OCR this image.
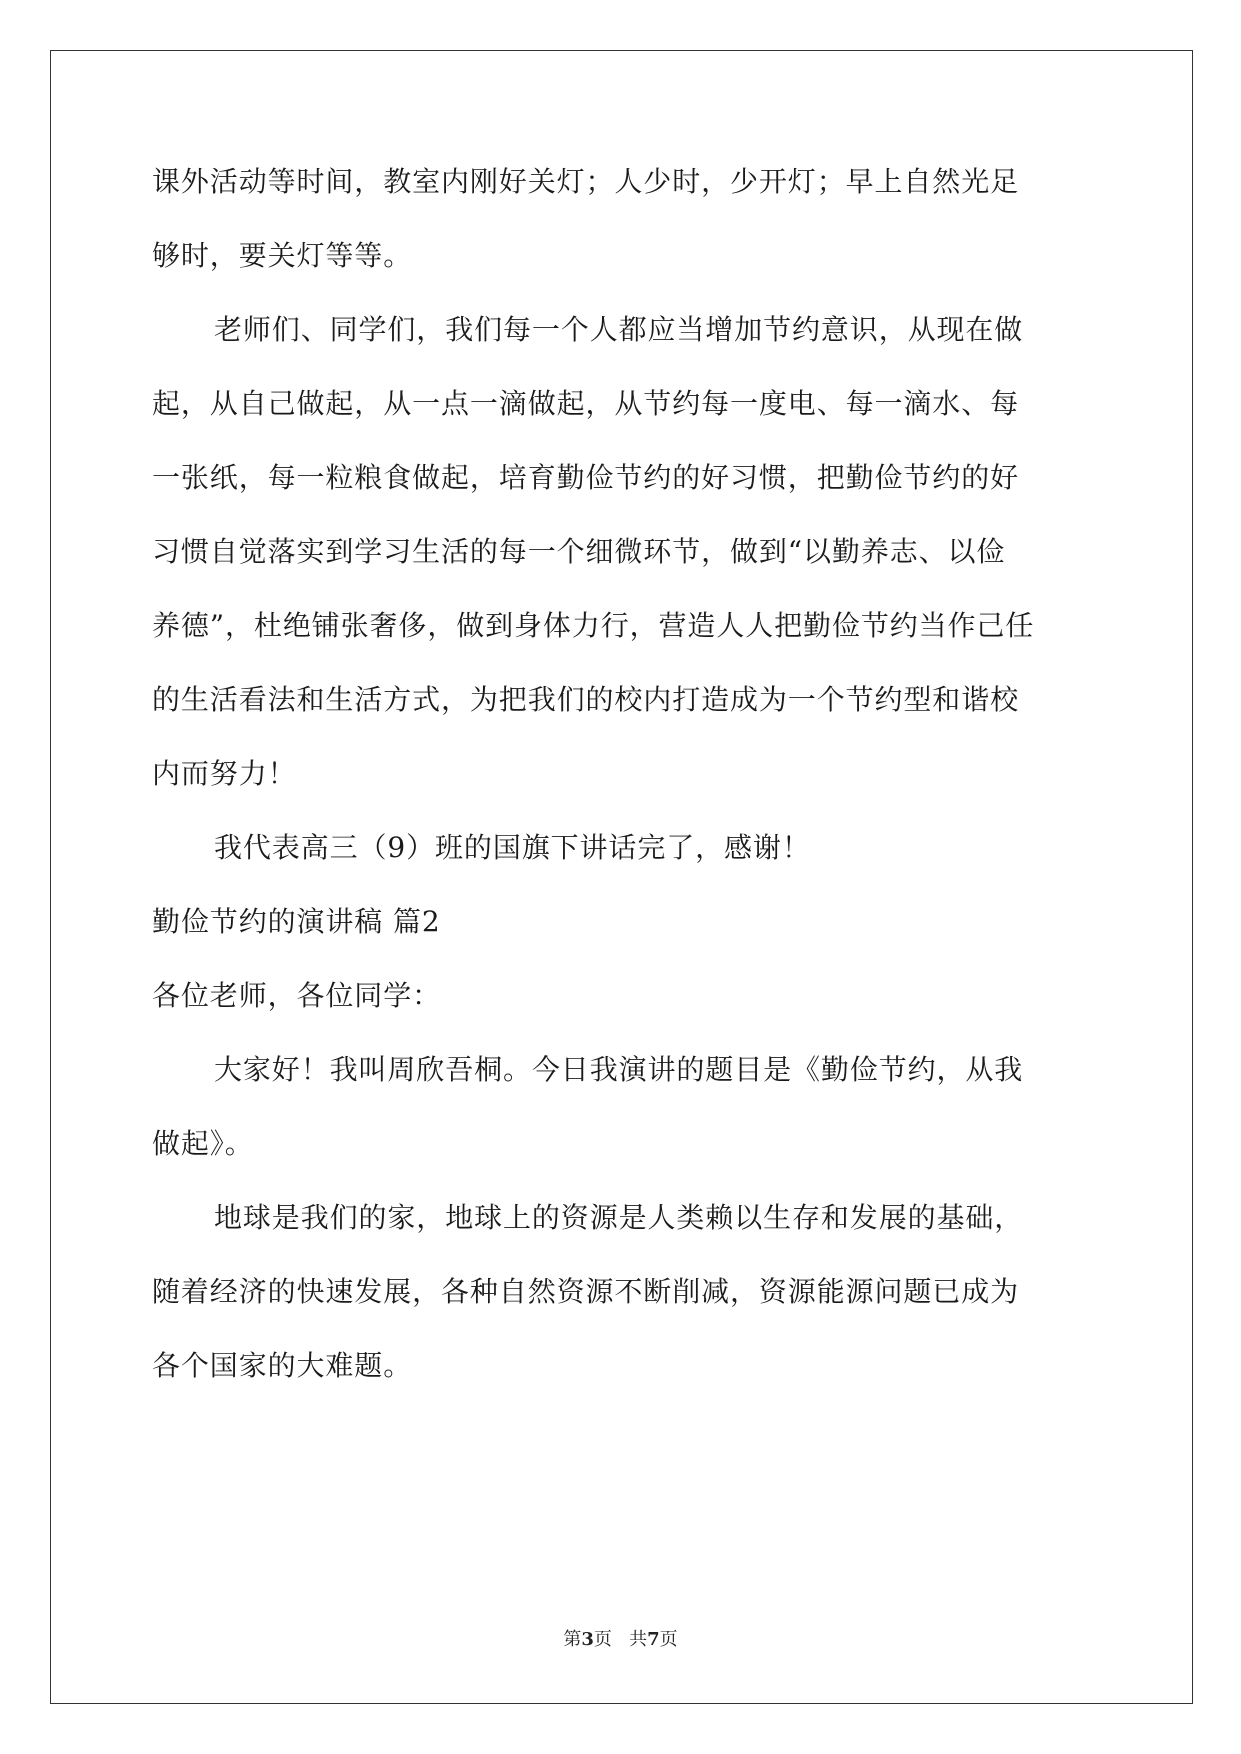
课外活动等时间，教室内刚好关灯；人少时，少开灯；早上自然光足
够时，要关灯等等。
老师们、同学们，我们每一个人都应当增加节约意识，从现在做
起，从自己做起，从一点一滴做起，从节约每一度电、每一滴水、每
一张纸，每一粒粮食做起，培育勤俭节约的好习惯，把勤俭节约的好
习惯自觉落实到学习生活的每一个细微环节，做到“以勤养志、以俭
养德”，杜绝铺张奢侈，做到身体力行，营造人人把勤俭节约当作己任
的生活看法和生活方式，为把我们的校内打造成为一个节约型和谐校
内而努力！
我代表高三（9）班的国旗下讲话完了，感谢！
勤俭节约的演讲稿 篇2
各位老师，各位同学：
大家好！我叫周欣吾桐。今日我演讲的题目是《勤俭节约，从我
做起》。
地球是我们的家，地球上的资源是人类赖以生存和发展的基础，
随着经济的快速发展，各种自然资源不断削减，资源能源问题已成为
各个国家的大难题。
第3页 共7页
